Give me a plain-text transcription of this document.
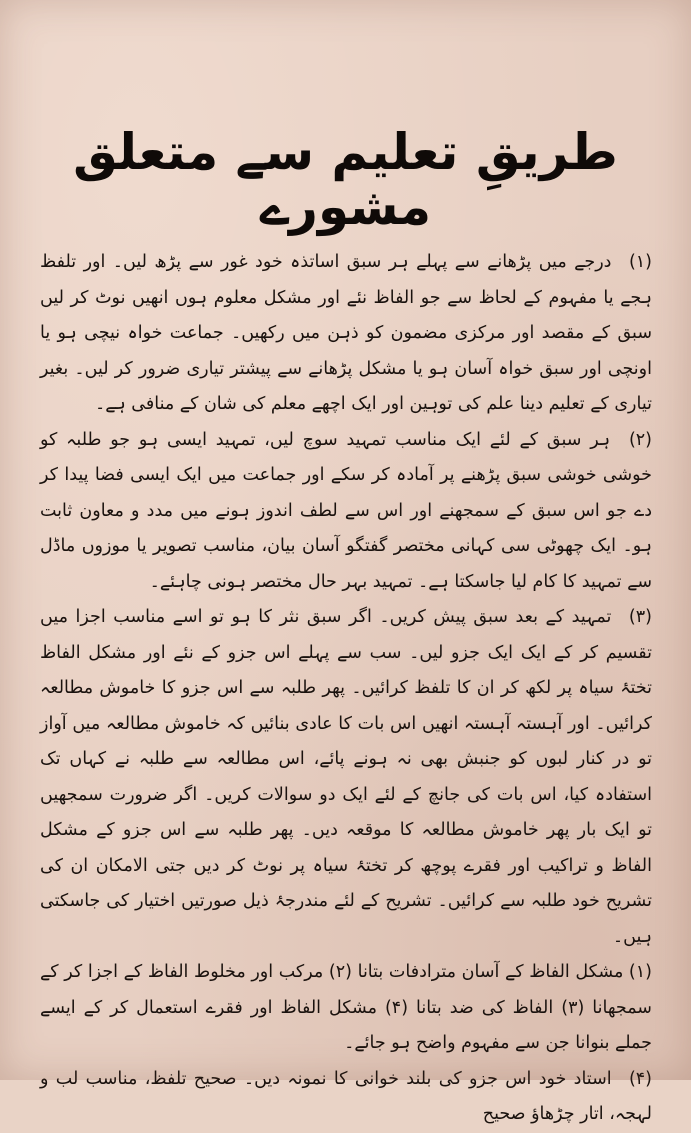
طریقِ تعلیم سے متعلق مشورے

(۱) درجے میں پڑھانے سے پہلے ہر سبق اساتذہ خود غور سے پڑھ لیں۔ اور تلفظ ہجے یا مفہوم کے لحاظ سے جو الفاظ نئے اور مشکل معلوم ہوں انھیں نوٹ کر لیں سبق کے مقصد اور مرکزی مضمون کو ذہن میں رکھیں۔ جماعت خواہ نیچی ہو یا اونچی اور سبق خواہ آسان ہو یا مشکل پڑھانے سے پیشتر تیاری ضرور کر لیں۔ بغیر تیاری کے تعلیم دینا علم کی توہین اور ایک اچھے معلم کی شان کے منافی ہے۔

(۲) ہر سبق کے لئے ایک مناسب تمہید سوچ لیں، تمہید ایسی ہو جو طلبہ کو خوشی خوشی سبق پڑھنے پر آمادہ کر سکے اور جماعت میں ایک ایسی فضا پیدا کر دے جو اس سبق کے سمجھنے اور اس سے لطف اندوز ہونے میں مدد و معاون ثابت ہو۔ ایک چھوٹی سی کہانی مختصر گفتگو آسان بیان، مناسب تصویر یا موزوں ماڈل سے تمہید کا کام لیا جاسکتا ہے۔ تمہید بہر حال مختصر ہونی چاہئے۔

(۳) تمہید کے بعد سبق پیش کریں۔ اگر سبق نثر کا ہو تو اسے مناسب اجزا میں تقسیم کر کے ایک ایک جزو لیں۔ سب سے پہلے اس جزو کے نئے اور مشکل الفاظ تختۂ سیاہ پر لکھ کر ان کا تلفظ کرائیں۔ پھر طلبہ سے اس جزو کا خاموش مطالعہ کرائیں۔ اور آہستہ آہستہ انھیں اس بات کا عادی بنائیں کہ خاموش مطالعہ میں آواز تو در کنار لبوں کو جنبش بھی نہ ہونے پائے، اس مطالعہ سے طلبہ نے کہاں تک استفادہ کیا، اس بات کی جانچ کے لئے ایک دو سوالات کریں۔ اگر ضرورت سمجھیں تو ایک بار پھر خاموش مطالعہ کا موقعہ دیں۔ پھر طلبہ سے اس جزو کے مشکل الفاظ و تراکیب اور فقرے پوچھ کر تختۂ سیاہ پر نوٹ کر دیں جتی الامکان ان کی تشریح خود طلبہ سے کرائیں۔ تشریح کے لئے مندرجۂ ذیل صورتیں اختیار کی جاسکتی ہیں۔

(۱) مشکل الفاظ کے آسان مترادفات بتانا (۲) مرکب اور مخلوط الفاظ کے اجزا کر کے سمجھانا (۳) الفاظ کی ضد بتانا (۴) مشکل الفاظ اور فقرے استعمال کر کے ایسے جملے بنوانا جن سے مفہوم واضح ہو جائے۔

(۴) استاد خود اس جزو کی بلند خوانی کا نمونہ دیں۔ صحیح تلفظ، مناسب لب و لہجہ، اتار چڑھاؤ صحیح
